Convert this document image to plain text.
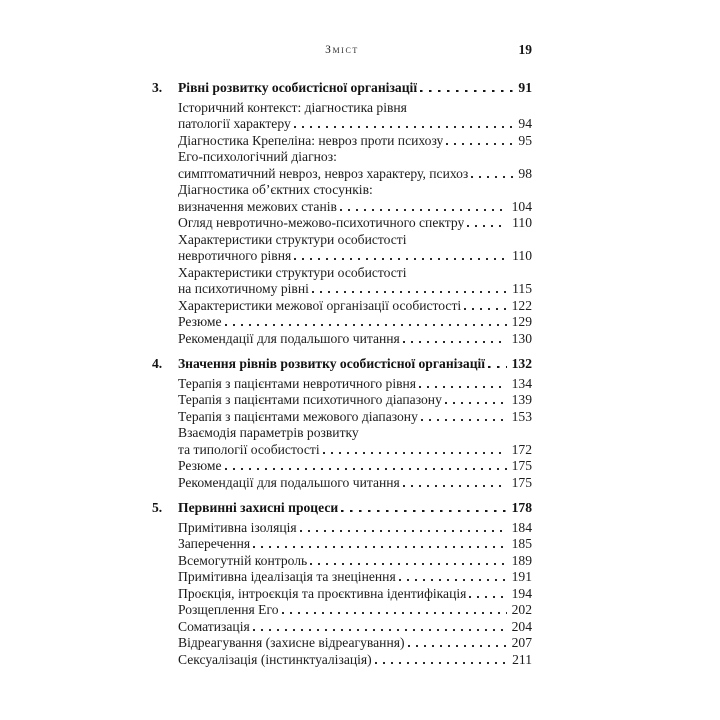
Зміст	19
3.	Рівні розвитку особистісної організації	91
Історичний контекст: діагностика рівня
патології характеру	94
Діагностика Крепеліна: невроз проти психозу	95
Его-психологічний діагноз:
симптоматичний невроз, невроз характеру, психоз	98
Діагностика об’єктних стосунків:
визначення межових станів	104
Огляд невротично-межово-психотичного спектру	110
Характеристики структури особистості
невротичного рівня	110
Характеристики структури особистості
на психотичному рівні	115
Характеристики межової організації особистості	122
Резюме	129
Рекомендації для подальшого читання	130
4.	Значення рівнів розвитку особистісної організації 132
Терапія з пацієнтами невротичного рівня	134
Терапія з пацієнтами психотичного діапазону	139
Терапія з пацієнтами межового діапазону	153
Взаємодія параметрів розвитку
та типології особистості	172
Резюме	175
Рекомендації для подальшого читання	175
5.	Первинні захисні процеси	178
Примітивна ізоляція	184
Заперечення	185
Всемогутній контроль	189
Примітивна ідеалізація та знецінення	191
Проєкція, інтроєкція та проєктивна ідентифікація	194
Розщеплення Его	202
Соматизація	204
Відреагування (захисне відреагування)	207
Сексуалізація (інстинктуалізація)	211
